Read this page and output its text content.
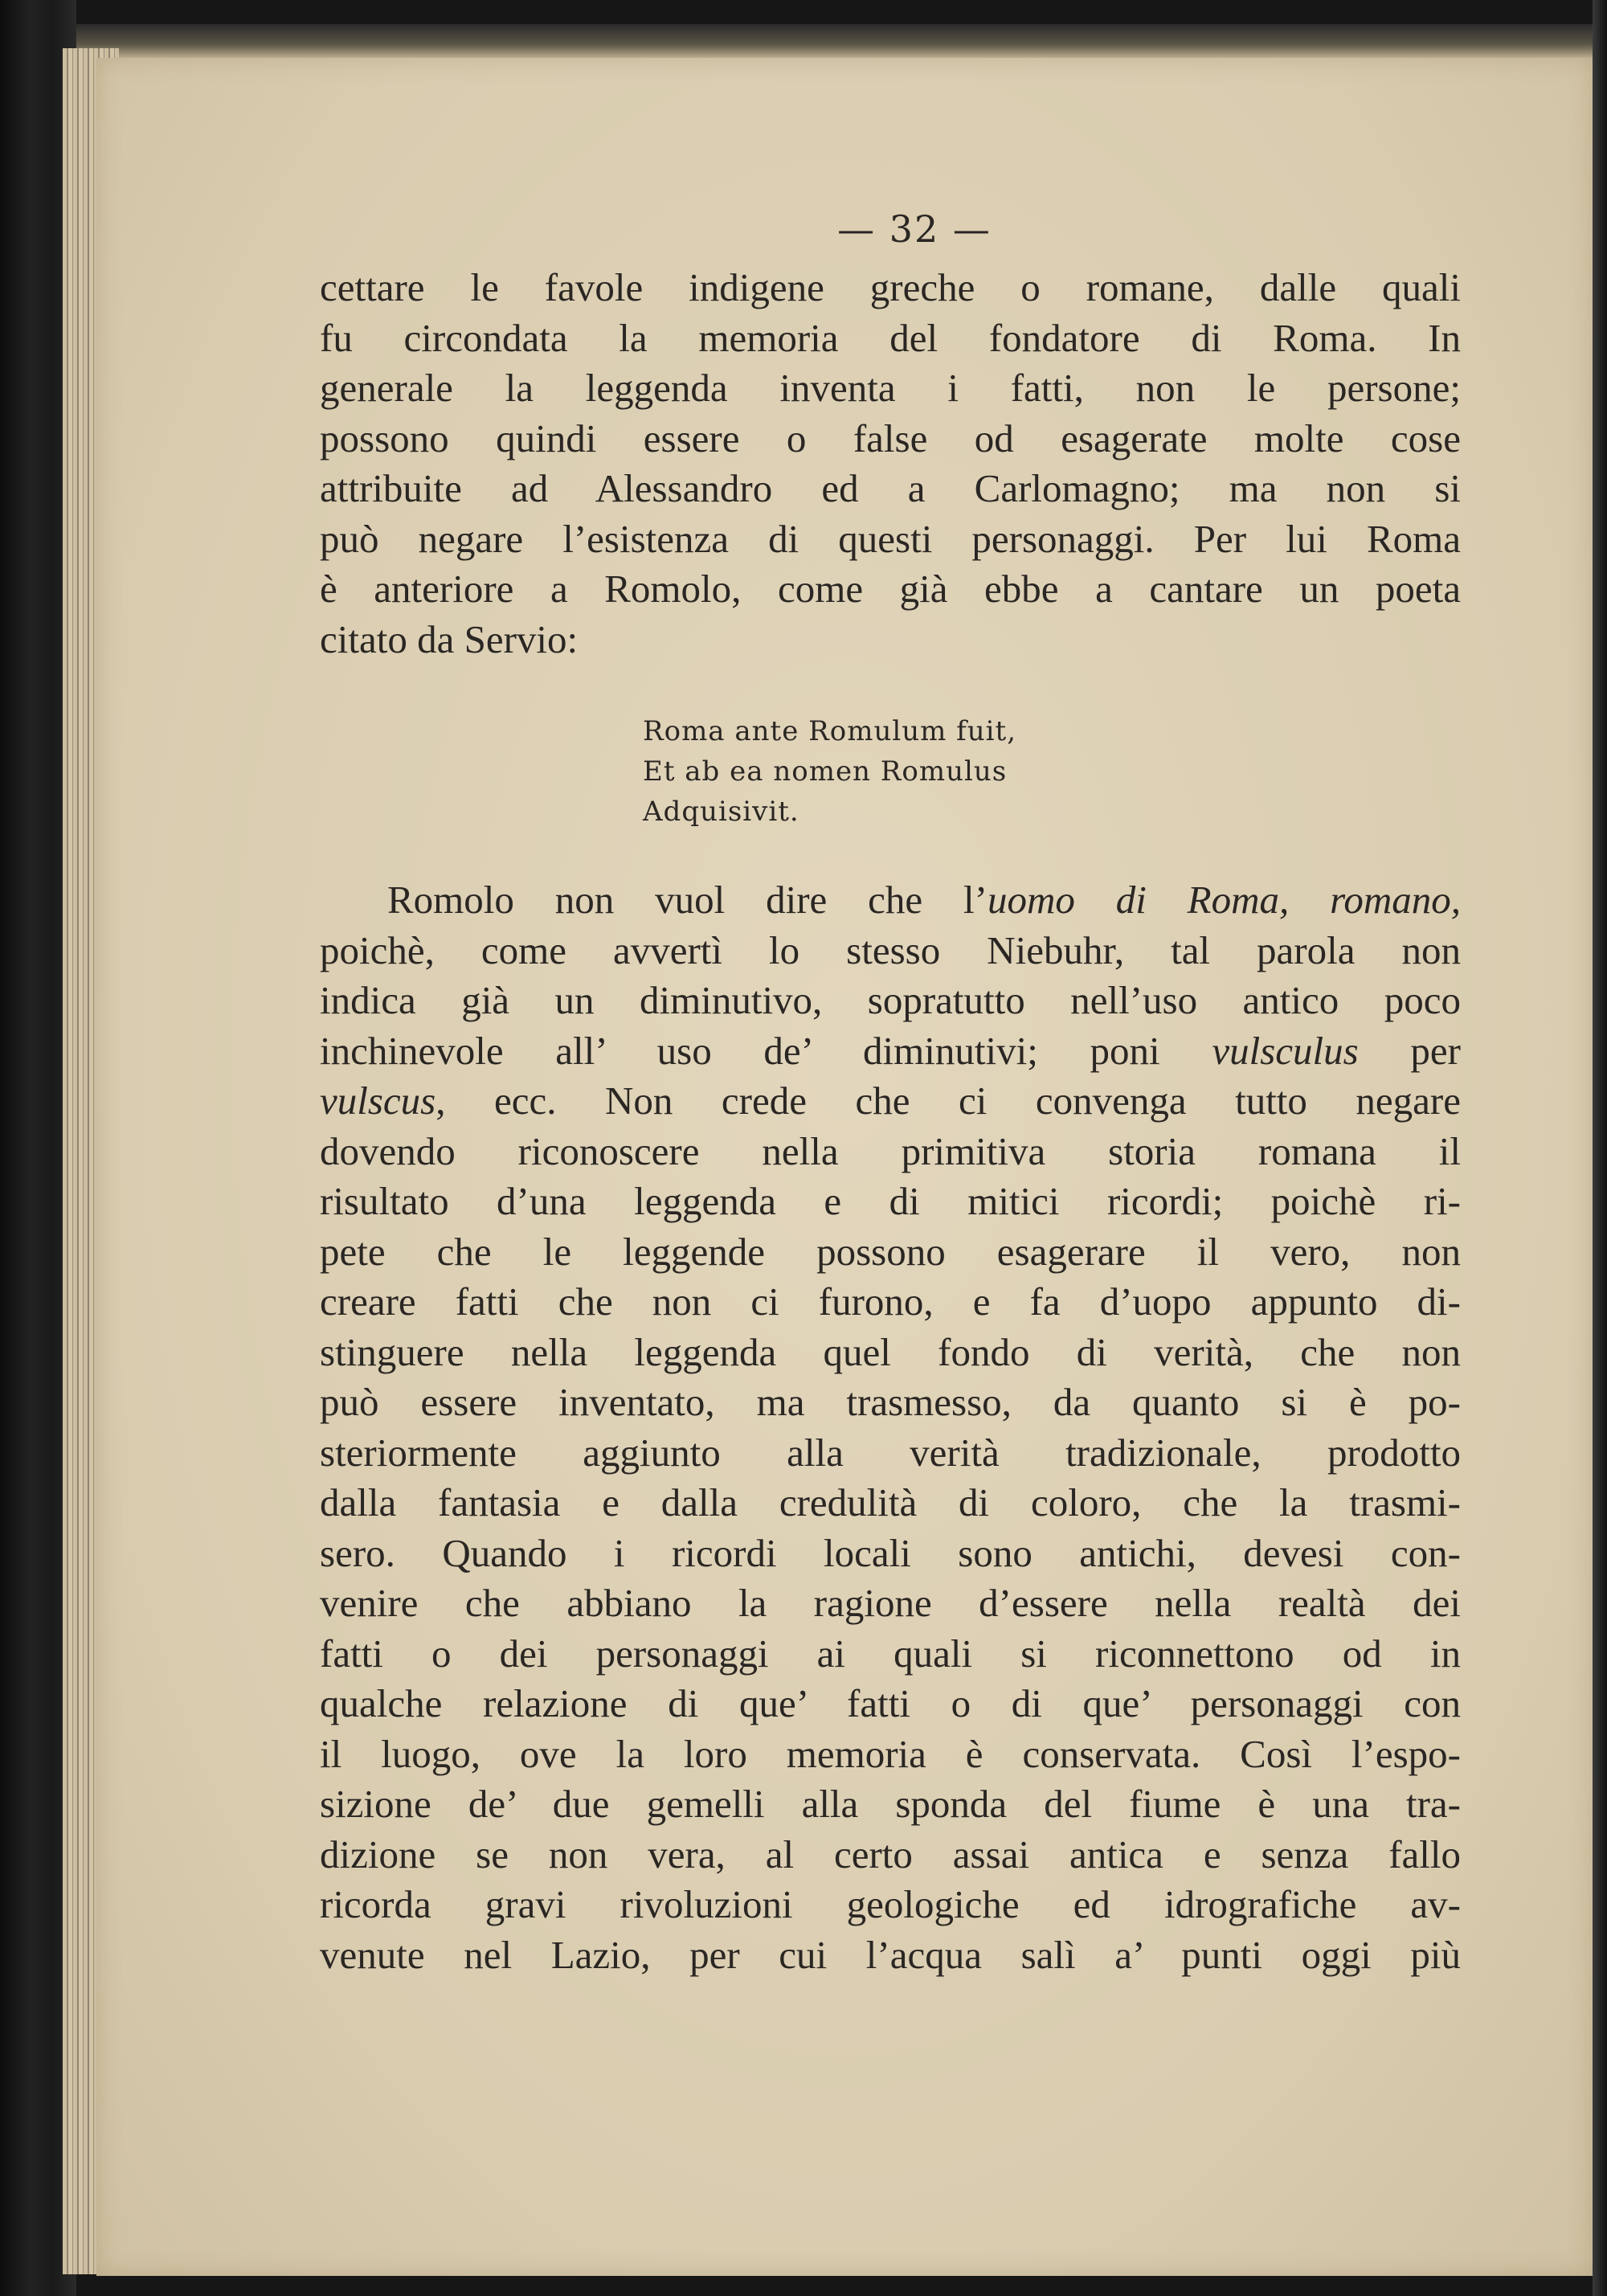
— 32 —

cettare le favole indigene greche o romane, dalle quali
fu circondata la memoria del fondatore di Roma. In
generale la leggenda inventa i fatti, non le persone;
possono quindi essere o false od esagerate molte cose
attribuite ad Alessandro ed a Carlomagno; ma non si
può negare l’esistenza di questi personaggi. Per lui Roma
è anteriore a Romolo, come già ebbe a cantare un poeta
citato da Servio:

Roma ante Romulum fuit,
Et ab ea nomen Romulus
Adquisivit.

Romolo non vuol dire che l’uomo di Roma, romano,
poichè, come avvertì lo stesso Niebuhr, tal parola non
indica già un diminutivo, sopratutto nell’uso antico poco
inchinevole all’ uso de’ diminutivi; poni vulsculus per
vulscus, ecc. Non crede che ci convenga tutto negare
dovendo riconoscere nella primitiva storia romana il
risultato d’una leggenda e di mitici ricordi; poichè ri-
pete che le leggende possono esagerare il vero, non
creare fatti che non ci furono, e fa d’uopo appunto di-
stinguere nella leggenda quel fondo di verità, che non
può essere inventato, ma trasmesso, da quanto si è po-
steriormente aggiunto alla verità tradizionale, prodotto
dalla fantasia e dalla credulità di coloro, che la trasmi-
sero. Quando i ricordi locali sono antichi, devesi con-
venire che abbiano la ragione d’essere nella realtà dei
fatti o dei personaggi ai quali si riconnettono od in
qualche relazione di que’ fatti o di que’ personaggi con
il luogo, ove la loro memoria è conservata. Così l’espo-
sizione de’ due gemelli alla sponda del fiume è una tra-
dizione se non vera, al certo assai antica e senza fallo
ricorda gravi rivoluzioni geologiche ed idrografiche av-
venute nel Lazio, per cui l’acqua salì a’ punti oggi più
